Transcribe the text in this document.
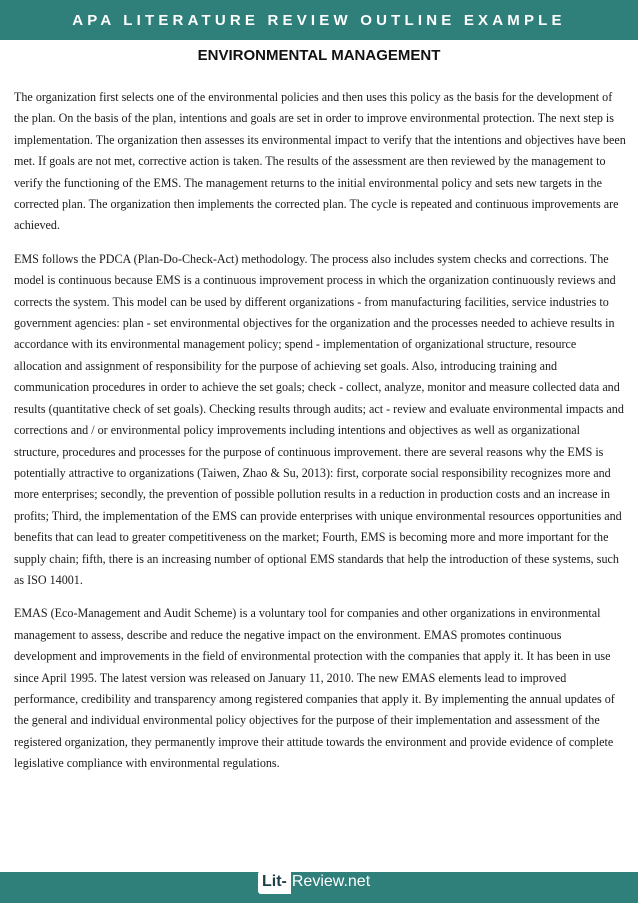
APA LITERATURE REVIEW OUTLINE EXAMPLE
ENVIRONMENTAL MANAGEMENT

The organization first selects one of the environmental policies and then uses this policy as the basis for the development of the plan. On the basis of the plan, intentions and goals are set in order to improve environmental protection. The next step is implementation. The organization then assesses its environmental impact to verify that the intentions and objectives have been met. If goals are not met, corrective action is taken. The results of the assessment are then reviewed by the management to verify the functioning of the EMS. The management returns to the initial environmental policy and sets new targets in the corrected plan. The organization then implements the corrected plan. The cycle is repeated and continuous improvements are achieved.

EMS follows the PDCA (Plan-Do-Check-Act) methodology. The process also includes system checks and corrections. The model is continuous because EMS is a continuous improvement process in which the organization continuously reviews and corrects the system. This model can be used by different organizations - from manufacturing facilities, service industries to government agencies: plan - set environmental objectives for the organization and the processes needed to achieve results in accordance with its environmental management policy; spend - implementation of organizational structure, resource allocation and assignment of responsibility for the purpose of achieving set goals. Also, introducing training and communication procedures in order to achieve the set goals; check - collect, analyze, monitor and measure collected data and results (quantitative check of set goals). Checking results through audits; act - review and evaluate environmental impacts and corrections and / or environmental policy improvements including intentions and objectives as well as organizational structure, procedures and processes for the purpose of continuous improvement. there are several reasons why the EMS is potentially attractive to organizations (Taiwen, Zhao & Su, 2013): first, corporate social responsibility recognizes more and more enterprises; secondly, the prevention of possible pollution results in a reduction in production costs and an increase in profits; Third, the implementation of the EMS can provide enterprises with unique environmental resources opportunities and benefits that can lead to greater competitiveness on the market; Fourth, EMS is becoming more and more important for the supply chain; fifth, there is an increasing number of optional EMS standards that help the introduction of these systems, such as ISO 14001.

EMAS (Eco-Management and Audit Scheme) is a voluntary tool for companies and other organizations in environmental management to assess, describe and reduce the negative impact on the environment. EMAS promotes continuous development and improvements in the field of environmental protection with the companies that apply it. It has been in use since April 1995. The latest version was released on January 11, 2010. The new EMAS elements lead to improved performance, credibility and transparency among registered companies that apply it. By implementing the annual updates of the general and individual environmental policy objectives for the purpose of their implementation and assessment of the registered organization, they permanently improve their attitude towards the environment and provide evidence of complete legislative compliance with environmental regulations.

Lit- Review.net
